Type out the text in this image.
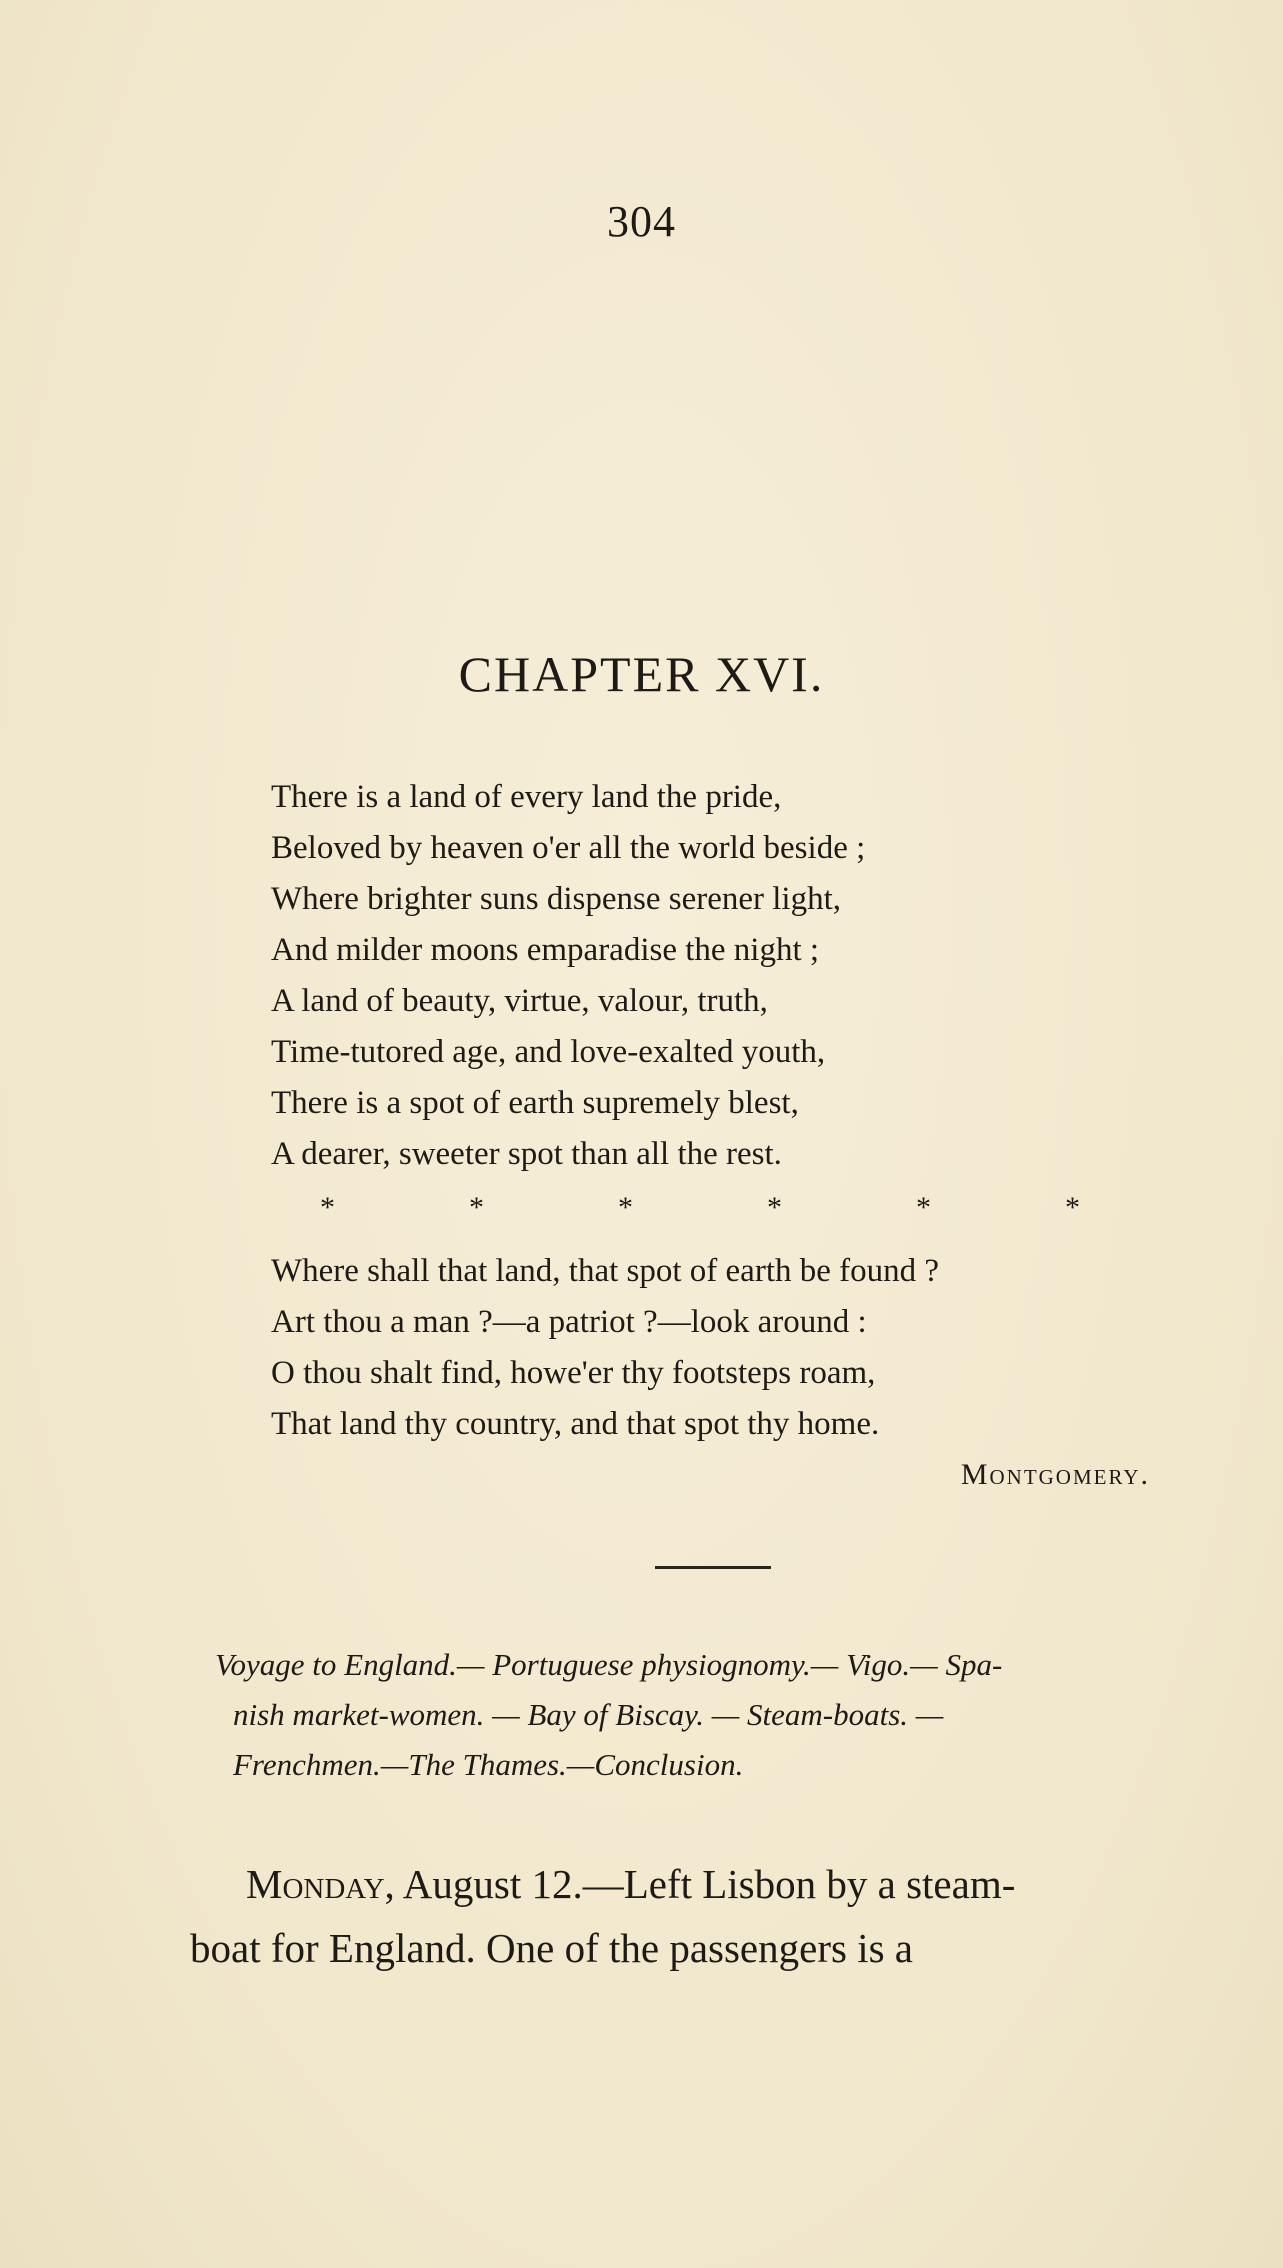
304
CHAPTER XVI.
There is a land of every land the pride,
Beloved by heaven o'er all the world beside ;
Where brighter suns dispense serener light,
And milder moons emparadise the night ;
A land of beauty, virtue, valour, truth,
Time-tutored age, and love-exalted youth,
There is a spot of earth supremely blest,
A dearer, sweeter spot than all the rest.
*	*	*	*	*	*
Where shall that land, that spot of earth be found ?
Art thou a man ?—a patriot ?—look around :
O thou shalt find, howe'er thy footsteps roam,
That land thy country, and that spot thy home.
Montgomery.
Voyage to England.— Portuguese physiognomy.— Vigo.— Spa-
nish market-women. — Bay of Biscay. — Steam-boats. —
Frenchmen.—The Thames.—Conclusion.
Monday, August 12.—Left Lisbon by a steam-
boat for England. One of the passengers is a
